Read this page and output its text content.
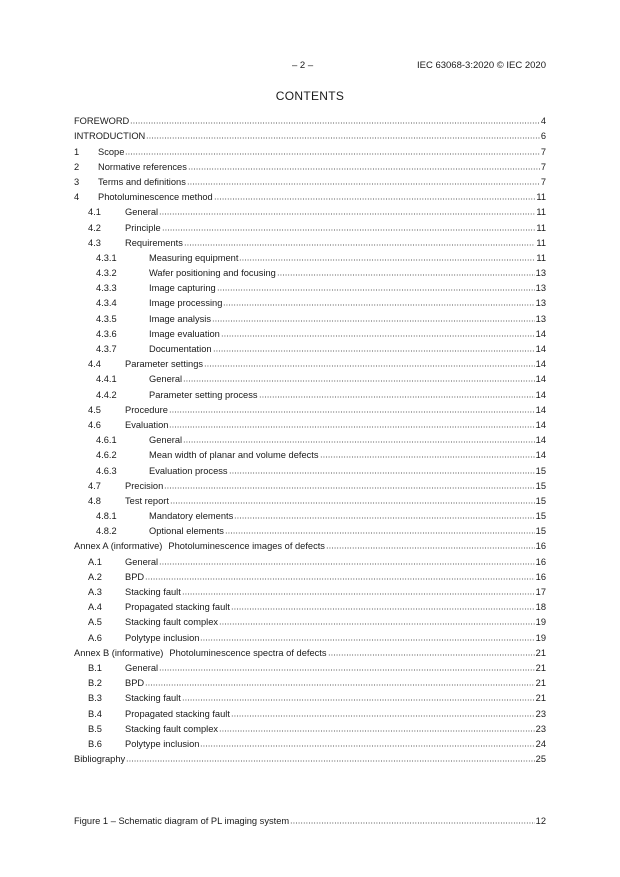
– 2 –	IEC 63068-3:2020 © IEC 2020
CONTENTS
FOREWORD	4
INTRODUCTION	6
1	Scope	7
2	Normative references	7
3	Terms and definitions	7
4	Photoluminescence method	11
4.1	General	11
4.2	Principle	11
4.3	Requirements	11
4.3.1	Measuring equipment	11
4.3.2	Wafer positioning and focusing	13
4.3.3	Image capturing	13
4.3.4	Image processing	13
4.3.5	Image analysis	13
4.3.6	Image evaluation	14
4.3.7	Documentation	14
4.4	Parameter settings	14
4.4.1	General	14
4.4.2	Parameter setting process	14
4.5	Procedure	14
4.6	Evaluation	14
4.6.1	General	14
4.6.2	Mean width of planar and volume defects	14
4.6.3	Evaluation process	15
4.7	Precision	15
4.8	Test report	15
4.8.1	Mandatory elements	15
4.8.2	Optional elements	15
Annex A (informative) Photoluminescence images of defects	16
A.1	General	16
A.2	BPD	16
A.3	Stacking fault	17
A.4	Propagated stacking fault	18
A.5	Stacking fault complex	19
A.6	Polytype inclusion	19
Annex B (informative) Photoluminescence spectra of defects	21
B.1	General	21
B.2	BPD	21
B.3	Stacking fault	21
B.4	Propagated stacking fault	23
B.5	Stacking fault complex	23
B.6	Polytype inclusion	24
Bibliography	25
Figure 1 – Schematic diagram of PL imaging system	12
